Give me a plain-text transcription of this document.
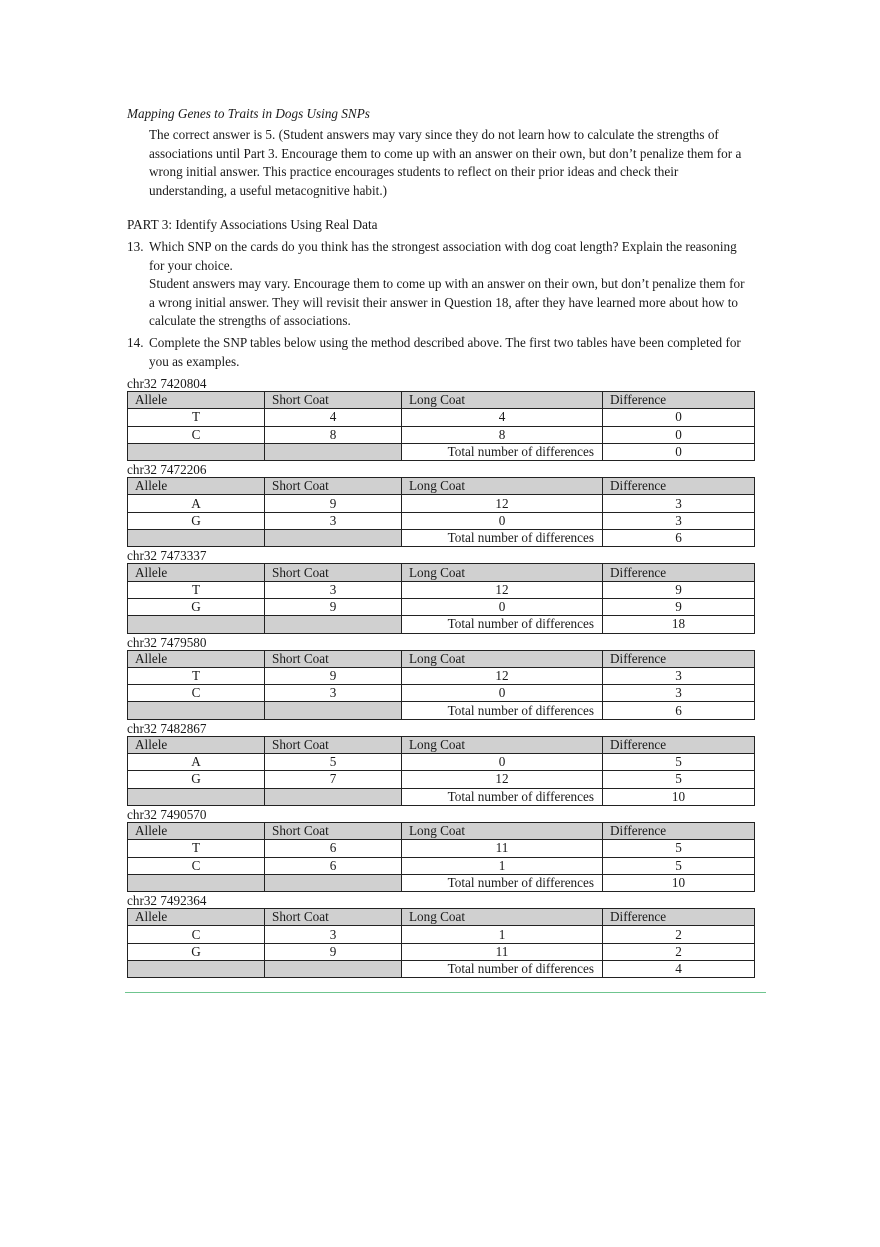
Mapping Genes to Traits in Dogs Using SNPs

The correct answer is 5. (Student answers may vary since they do not learn how to calculate the strengths of associations until Part 3. Encourage them to come up with an answer on their own, but don’t penalize them for a wrong initial answer. This practice encourages students to reflect on their prior ideas and check their understanding, a useful metacognitive habit.)

PART 3: Identify Associations Using Real Data
13. Which SNP on the cards do you think has the strongest association with dog coat length? Explain the reasoning for your choice.
Student answers may vary. Encourage them to come up with an answer on their own, but don’t penalize them for a wrong initial answer. They will revisit their answer in Question 18, after they have learned more about how to calculate the strengths of associations.
14. Complete the SNP tables below using the method described above. The first two tables have been completed for you as examples.
chr32 7420804
Allele	Short Coat	Long Coat	Difference
T	4	4	0
C	8	8	0
		Total number of differences	0
chr32 7472206
Allele	Short Coat	Long Coat	Difference
A	9	12	3
G	3	0	3
		Total number of differences	6
chr32 7473337
Allele	Short Coat	Long Coat	Difference
T	3	12	9
G	9	0	9
		Total number of differences	18
chr32 7479580
Allele	Short Coat	Long Coat	Difference
T	9	12	3
C	3	0	3
		Total number of differences	6
chr32 7482867
Allele	Short Coat	Long Coat	Difference
A	5	0	5
G	7	12	5
		Total number of differences	10
chr32 7490570
Allele	Short Coat	Long Coat	Difference
T	6	11	5
C	6	1	5
		Total number of differences	10
chr32 7492364
Allele	Short Coat	Long Coat	Difference
C	3	1	2
G	9	11	2
		Total number of differences	4
